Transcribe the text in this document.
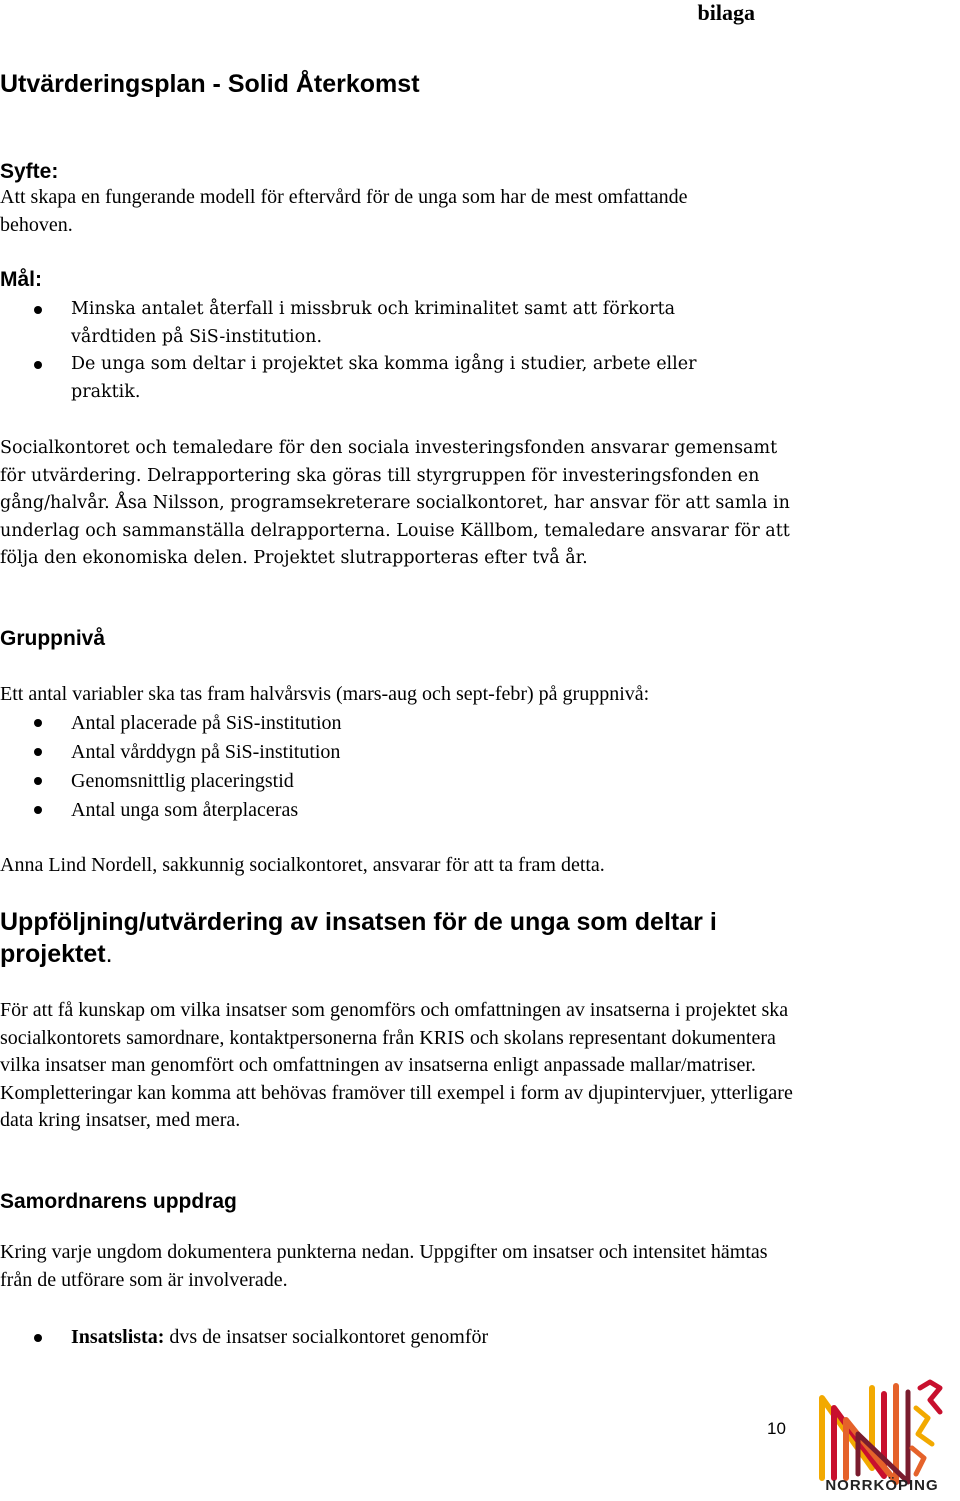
bilaga
Utvärderingsplan - Solid Återkomst
Syfte:

Att skapa en fungerande modell för eftervård för de unga som har de mest omfattande behoven.

Mål:
Minska antalet återfall i missbruk och kriminalitet samt att förkorta vårdtiden på SiS-institution.
De unga som deltar i projektet ska komma igång i studier, arbete eller praktik.

Socialkontoret och temaledare för den sociala investeringsfonden ansvarar gemensamt för utvärdering. Delrapportering ska göras till styrgruppen för investeringsfonden en gång/halvår. Åsa Nilsson, programsekreterare socialkontoret, har ansvar för att samla in underlag och sammanställa delrapporterna. Louise Källbom, temaledare ansvarar för att följa den ekonomiska delen. Projektet slutrapporteras efter två år.

Gruppnivå

Ett antal variabler ska tas fram halvårsvis (mars-aug och sept-febr) på gruppnivå:

Antal placerade på SiS-institution
Antal vårddygn på SiS-institution
Genomsnittlig placeringstid
Antal unga som återplaceras

Anna Lind Nordell, sakkunnig socialkontoret, ansvarar för att ta fram detta.

Uppföljning/utvärdering av insatsen för de unga som deltar i projektet.

För att få kunskap om vilka insatser som genomförs och omfattningen av insatserna i projektet ska socialkontorets samordnare, kontaktpersonerna från KRIS och skolans representant dokumentera vilka insatser man genomfört och omfattningen av insatserna enligt anpassade mallar/matriser. Kompletteringar kan komma att behövas framöver till exempel i form av djupintervjuer, ytterligare data kring insatser, med mera.

Samordnarens uppdrag

Kring varje ungdom dokumentera punkterna nedan. Uppgifter om insatser och intensitet hämtas från de utförare som är involverade.

Insatslista: dvs de insatser socialkontoret genomför
10
NORRKÖPING
